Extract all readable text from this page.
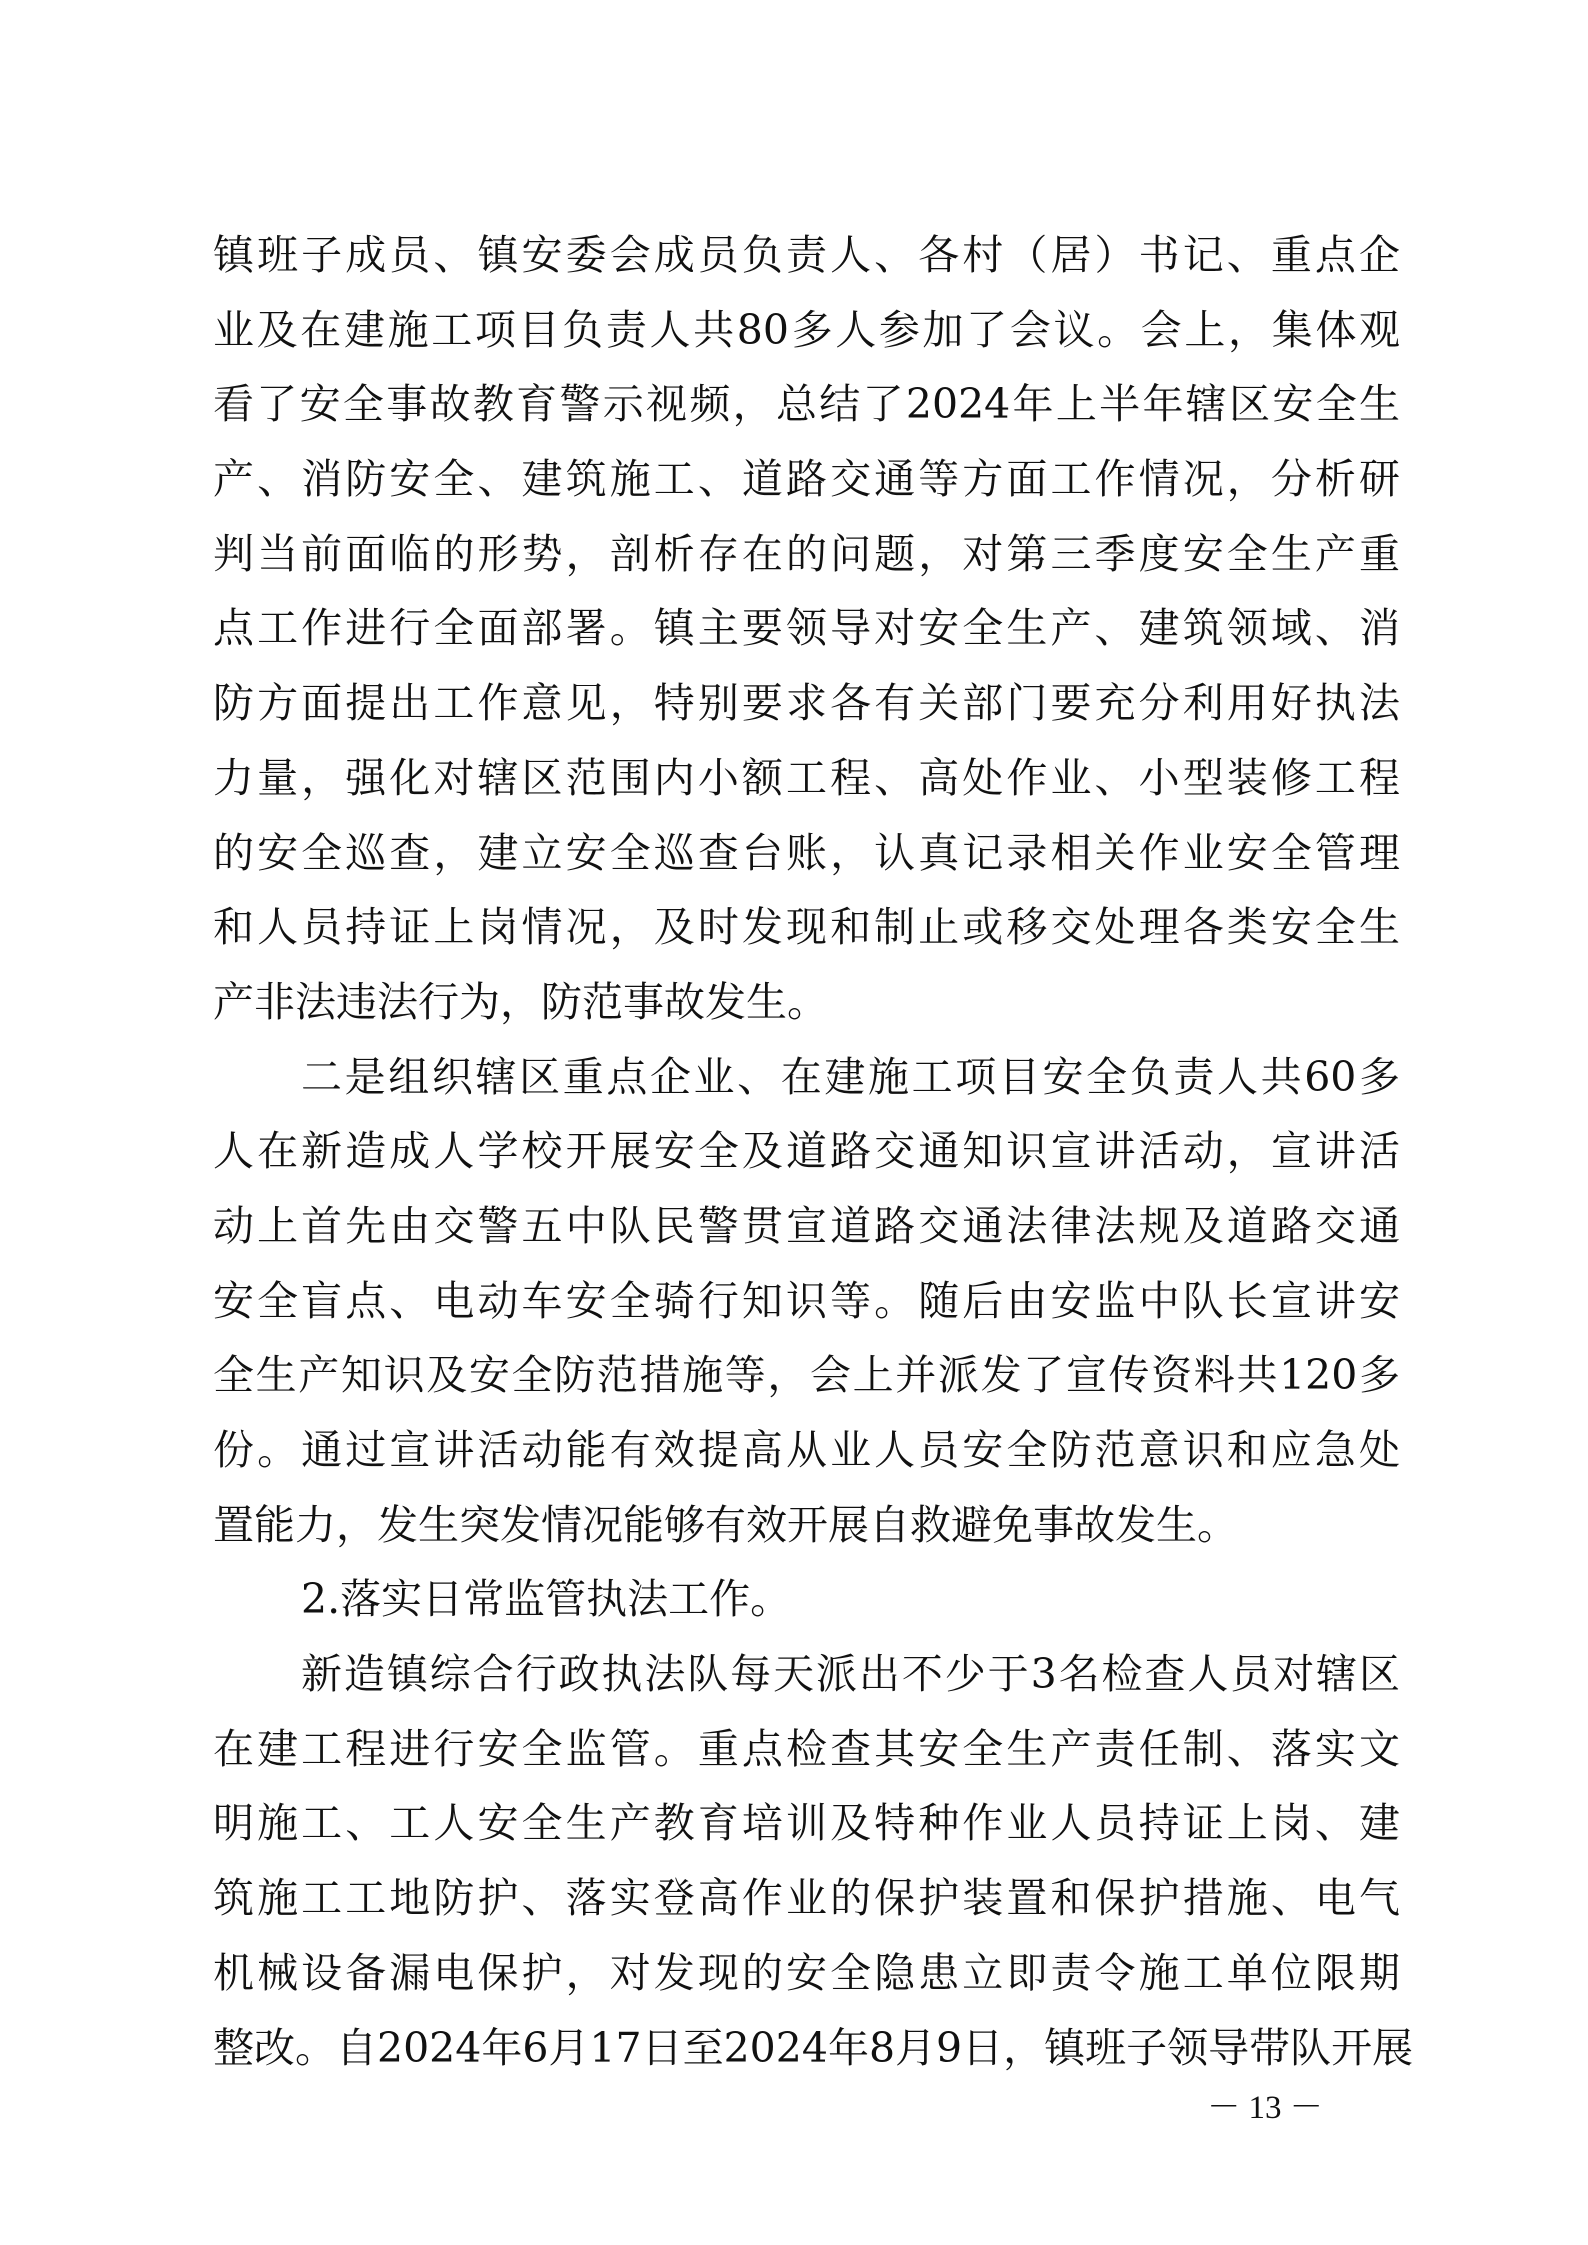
镇班子成员、镇安委会成员负责人、各村（居）书记、重点企
业及在建施工项目负责人共80多人参加了会议。会上，集体观
看了安全事故教育警示视频，总结了2024年上半年辖区安全生
产、消防安全、建筑施工、道路交通等方面工作情况，分析研
判当前面临的形势，剖析存在的问题，对第三季度安全生产重
点工作进行全面部署。镇主要领导对安全生产、建筑领域、消
防方面提出工作意见，特别要求各有关部门要充分利用好执法
力量，强化对辖区范围内小额工程、高处作业、小型装修工程
的安全巡查，建立安全巡查台账，认真记录相关作业安全管理
和人员持证上岗情况，及时发现和制止或移交处理各类安全生
产非法违法行为，防范事故发生。
二是组织辖区重点企业、在建施工项目安全负责人共60多
人在新造成人学校开展安全及道路交通知识宣讲活动，宣讲活
动上首先由交警五中队民警贯宣道路交通法律法规及道路交通
安全盲点、电动车安全骑行知识等。随后由安监中队长宣讲安
全生产知识及安全防范措施等，会上并派发了宣传资料共120多
份。通过宣讲活动能有效提高从业人员安全防范意识和应急处
置能力，发生突发情况能够有效开展自救避免事故发生。
2.落实日常监管执法工作。
新造镇综合行政执法队每天派出不少于3名检查人员对辖区
在建工程进行安全监管。重点检查其安全生产责任制、落实文
明施工、工人安全生产教育培训及特种作业人员持证上岗、建
筑施工工地防护、落实登高作业的保护装置和保护措施、电气
机械设备漏电保护，对发现的安全隐患立即责令施工单位限期
整改。自2024年6月17日至2024年8月9日，镇班子领导带队开展
－ 13 －
